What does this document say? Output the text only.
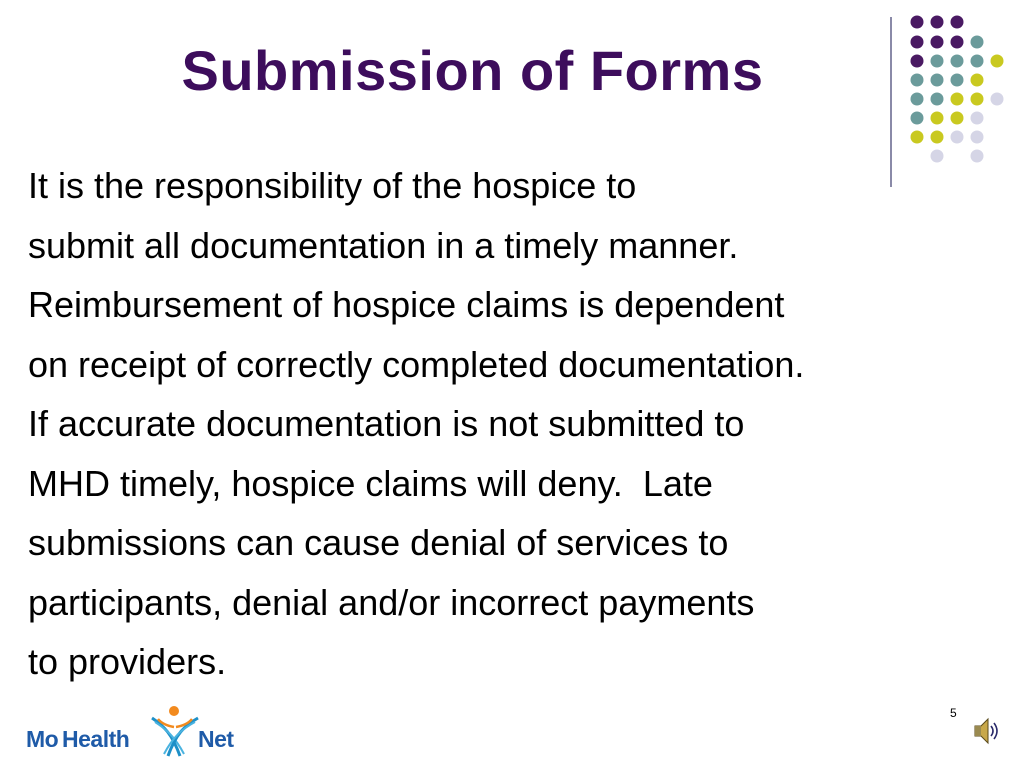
Submission of Forms

It is the responsibility of the hospice to
submit all documentation in a timely manner.
Reimbursement of hospice claims is dependent
on receipt of correctly completed documentation.
If accurate documentation is not submitted to
MHD timely, hospice claims will deny.  Late
submissions can cause denial of services to
participants, denial and/or incorrect payments
to providers.

Mo Health	Net
5
